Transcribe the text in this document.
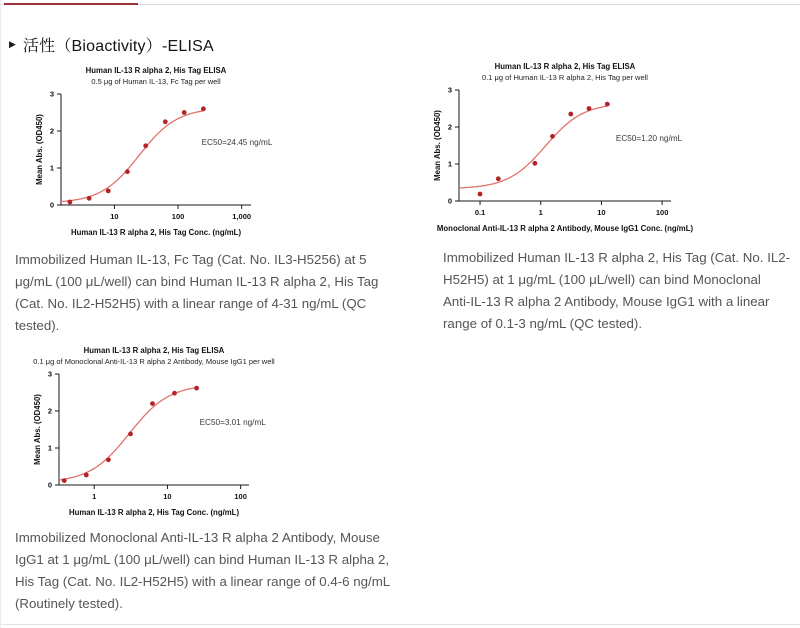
▶ 活性（Bioactivity）-ELISA
Human IL-13 R alpha 2, His Tag ELISA
0.5 μg of Human IL-13, Fc Tag per well
0
1
2
3
10	100	1,000
Human IL-13 R alpha 2, His Tag Conc. (ng/mL)
Mean Abs. (OD450)	EC50=24.45 ng/mL
Human IL-13 R alpha 2, His Tag ELISA
0.1 μg of Human IL-13 R alpha 2, His Tag per well
0
1
2
3
0.1	1	10	100
Monoclonal Anti-IL-13 R alpha 2 Antibody, Mouse IgG1 Conc. (ng/mL)
Mean Abs. (OD450)	EC50=1.20 ng/mL
Human IL-13 R alpha 2, His Tag ELISA
0.1 μg of Monoclonal Anti-IL-13 R alpha 2 Antibody, Mouse IgG1 per well
0
1
2
3
1	10	100
Human IL-13 R alpha 2, His Tag Conc. (ng/mL)
Mean Abs. (OD450)	EC50=3.01 ng/mL

Immobilized Human IL-13, Fc Tag (Cat. No. IL3-H5256) at 5 μg/mL (100 μL/well) can bind Human IL-13 R alpha 2, His Tag (Cat. No. IL2-H52H5) with a linear range of 4-31 ng/mL (QC tested).

Immobilized Human IL-13 R alpha 2, His Tag (Cat. No. IL2-H52H5) at 1 μg/mL (100 μL/well) can bind Monoclonal Anti-IL-13 R alpha 2 Antibody, Mouse IgG1 with a linear range of 0.1-3 ng/mL (QC tested).

Immobilized Monoclonal Anti-IL-13 R alpha 2 Antibody, Mouse IgG1 at 1 μg/mL (100 μL/well) can bind Human IL-13 R alpha 2, His Tag (Cat. No. IL2-H52H5) with a linear range of 0.4-6 ng/mL (Routinely tested).
